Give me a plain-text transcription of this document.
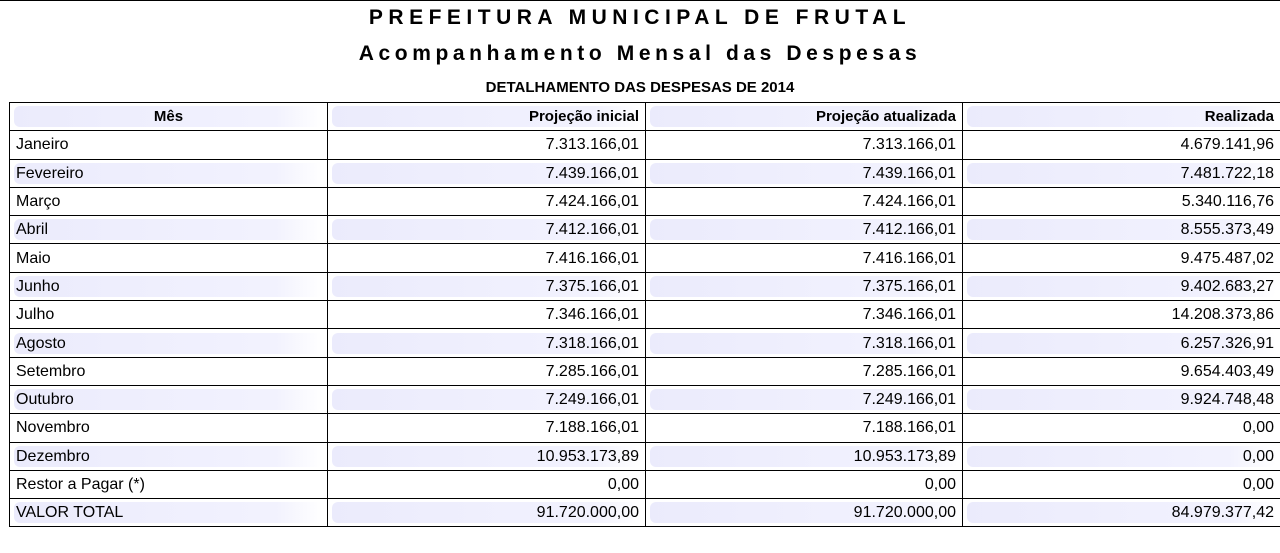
PREFEITURA MUNICIPAL DE FRUTAL
Acompanhamento Mensal das Despesas
DETALHAMENTO DAS DESPESAS DE 2014
Mês	Projeção inicial	Projeção atualizada	Realizada

Janeiro	7.313.166,01	7.313.166,01	4.679.141,96

Fevereiro	7.439.166,01	7.439.166,01	7.481.722,18

Março	7.424.166,01	7.424.166,01	5.340.116,76

Abril	7.412.166,01	7.412.166,01	8.555.373,49

Maio	7.416.166,01	7.416.166,01	9.475.487,02

Junho	7.375.166,01	7.375.166,01	9.402.683,27

Julho	7.346.166,01	7.346.166,01	14.208.373,86

Agosto	7.318.166,01	7.318.166,01	6.257.326,91

Setembro	7.285.166,01	7.285.166,01	9.654.403,49

Outubro	7.249.166,01	7.249.166,01	9.924.748,48

Novembro	7.188.166,01	7.188.166,01	0,00

Dezembro	10.953.173,89	10.953.173,89	0,00

Restor a Pagar (*)	0,00	0,00	0,00

VALOR TOTAL	91.720.000,00	91.720.000,00	84.979.377,42
